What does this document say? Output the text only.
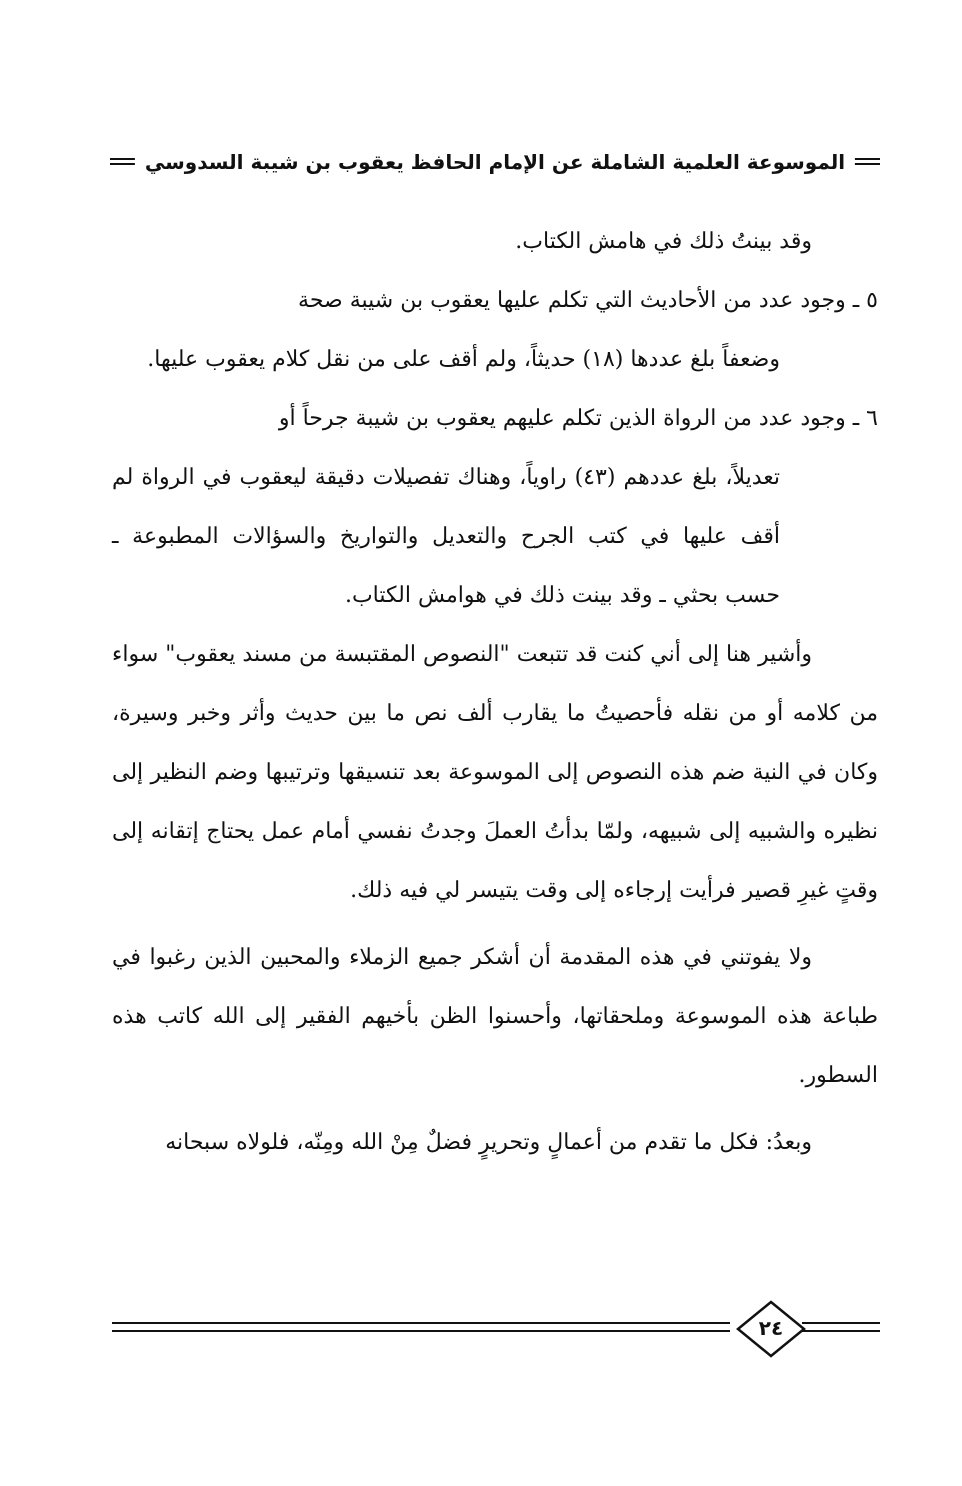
الموسوعة العلمية الشاملة عن الإمام الحافظ يعقوب بن شيبة السدوسي

وقد بينتُ ذلك في هامش الكتاب.

٥ ـ وجود عدد من الأحاديث التي تكلم عليها يعقوب بن شيبة صحة
وضعفاً بلغ عددها (١٨) حديثاً، ولم أقف على من نقل كلام يعقوب عليها.

٦ ـ وجود عدد من الرواة الذين تكلم عليهم يعقوب بن شيبة جرحاً أو
تعديلاً، بلغ عددهم (٤٣) راوياً، وهناك تفصيلات دقيقة ليعقوب في الرواة لم أقف عليها في كتب الجرح والتعديل والتواريخ والسؤالات المطبوعة ـ حسب بحثي ـ وقد بينت ذلك في هوامش الكتاب.

وأشير هنا إلى أني كنت قد تتبعت "النصوص المقتبسة من مسند يعقوب" سواء من كلامه أو من نقله فأحصيتُ ما يقارب ألف نص ما بين حديث وأثر وخبر وسيرة، وكان في النية ضم هذه النصوص إلى الموسوعة بعد تنسيقها وترتيبها وضم النظير إلى نظيره والشبيه إلى شبيهه، ولمّا بدأتُ العملَ وجدتُ نفسي أمام عمل يحتاج إتقانه إلى وقتٍ غيرِ قصير فرأيت إرجاءه إلى وقت يتيسر لي فيه ذلك.

ولا يفوتني في هذه المقدمة أن أشكر جميع الزملاء والمحبين الذين رغبوا في طباعة هذه الموسوعة وملحقاتها، وأحسنوا الظن بأخيهم الفقير إلى الله كاتب هذه السطور.

وبعدُ: فكل ما تقدم من أعمالٍ وتحريرٍ فضلٌ مِنْ الله ومِنّه، فلولاه سبحانه

٢٤
